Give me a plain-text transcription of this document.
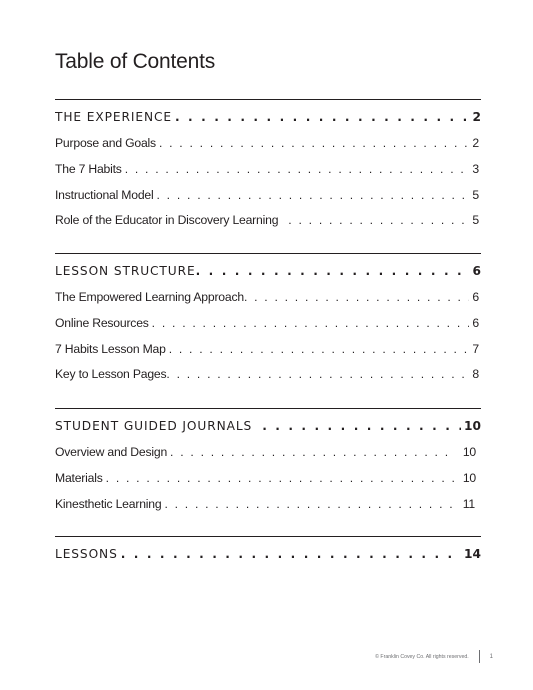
Table of Contents
THE EXPERIENCE . . .	2
Purpose and Goals . . .	2
The 7 Habits . . .	3
Instructional Model . . .	5
Role of the Educator in Discovery Learning . . .	5
LESSON STRUCTURE . . .	6
The Empowered Learning Approach . . .	6
Online Resources . . .	6
7 Habits Lesson Map . . .	7
Key to Lesson Pages . . .	8
STUDENT GUIDED JOURNALS . . .	10
Overview and Design . . .	10
Materials . . .	10
Kinesthetic Learning . . .	11
LESSONS . . .	14
© Franklin Covey Co. All rights reserved.	1
